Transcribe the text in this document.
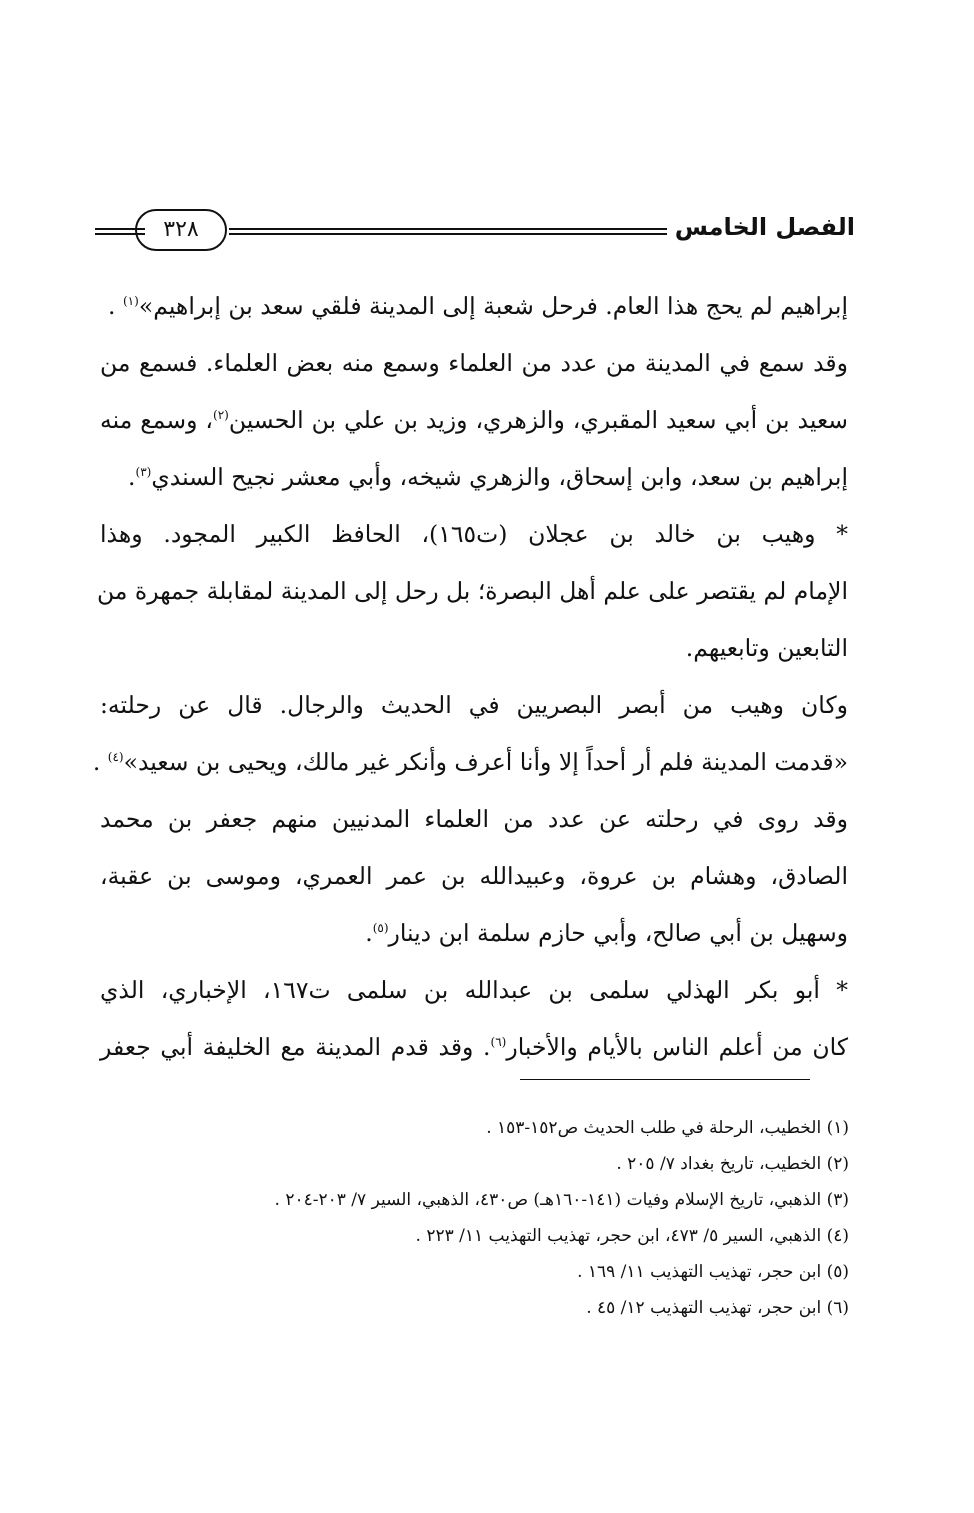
الفصل الخامس
٣٢٨
إبراهيم لم يحج هذا العام. فرحل شعبة إلى المدينة فلقي سعد بن إبراهيم»$^{(١)}$ .
وقد سمع في المدينة من عدد من العلماء وسمع منه بعض العلماء. فسمع من
سعيد بن أبي سعيد المقبري، والزهري، وزيد بن علي بن الحسين$^{(٢)}$، وسمع منه
إبراهيم بن سعد، وابن إسحاق، والزهري شيخه، وأبي معشر نجيح السندي$^{(٣)}$.
* وهيب بن خالد بن عجلان (ت١٦٥)، الحافظ الكبير المجود. وهذا
الإمام لم يقتصر على علم أهل البصرة؛ بل رحل إلى المدينة لمقابلة جمهرة من
التابعين وتابعيهم.
وكان وهيب من أبصر البصريين في الحديث والرجال. قال عن رحلته:
«قدمت المدينة فلم أر أحداً إلا وأنا أعرف وأنكر غير مالك، ويحيى بن سعيد»$^{(٤)}$ .
وقد روى في رحلته عن عدد من العلماء المدنيين منهم جعفر بن محمد
الصادق، وهشام بن عروة، وعبيدالله بن عمر العمري، وموسى بن عقبة،
وسهيل بن أبي صالح، وأبي حازم سلمة ابن دينار$^{(٥)}$.
* أبو بكر الهذلي سلمى بن عبدالله بن سلمى ت١٦٧، الإخباري، الذي
كان من أعلم الناس بالأيام والأخبار$^{(٦)}$. وقد قدم المدينة مع الخليفة أبي جعفر
(١) الخطيب، الرحلة في طلب الحديث ص١٥٢-١٥٣ .
(٢) الخطيب، تاريخ بغداد ٧/ ٢٠٥ .
(٣) الذهبي، تاريخ الإسلام وفيات (١٤١-١٦٠هـ) ص٤٣٠، الذهبي، السير ٧/ ٢٠٣-٢٠٤ .
(٤) الذهبي، السير ٥/ ٤٧٣، ابن حجر، تهذيب التهذيب ١١/ ٢٢٣ .
(٥) ابن حجر، تهذيب التهذيب ١١/ ١٦٩ .
(٦) ابن حجر، تهذيب التهذيب ١٢/ ٤٥ .
